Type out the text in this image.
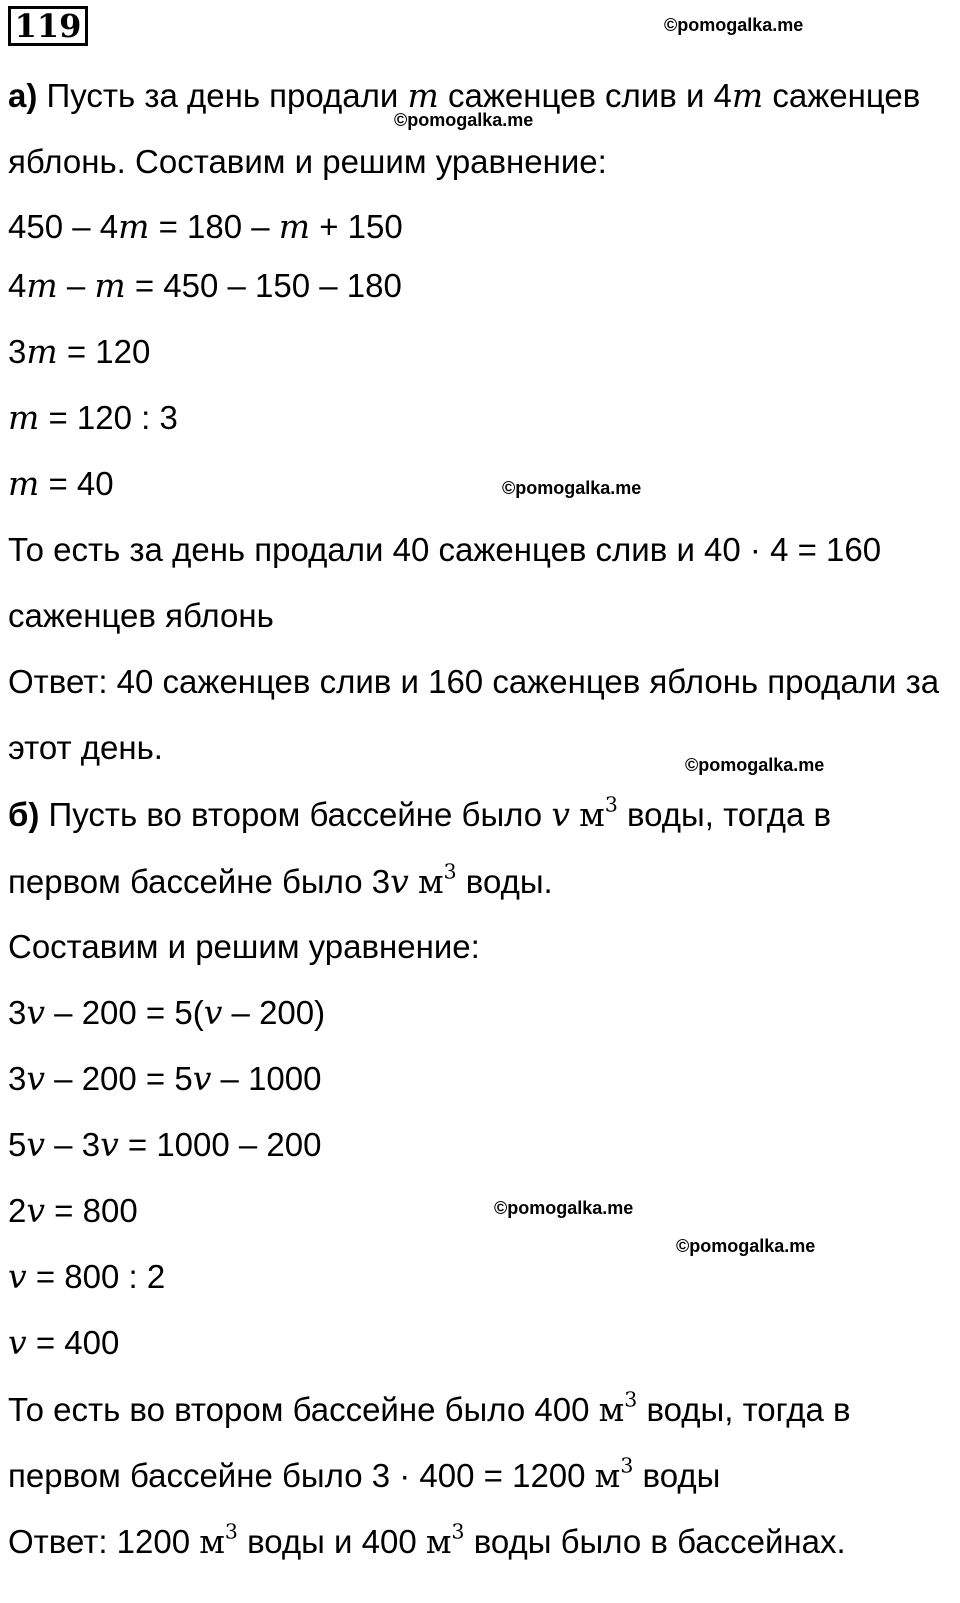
119	©pomogalka.me
а) Пусть за день продали m саженцев слив и 4m саженцев
©pomogalka.me
яблонь. Составим и решим уравнение:
450 – 4m = 180 – m + 150
4m – m = 450 – 150 – 180
3m = 120
m = 120 : 3
m = 40	©pomogalka.me
То есть за день продали 40 саженцев слив и 40 · 4 = 160
саженцев яблонь
Ответ: 40 саженцев слив и 160 саженцев яблонь продали за
этот день.	©pomogalka.me
б) Пусть во втором бассейне было v $м^3$ воды, тогда в
первом бассейне было 3v $м^3$ воды.
Составим и решим уравнение:
3v – 200 = 5(v – 200)
3v – 200 = 5v – 1000
5v – 3v = 1000 – 200
2v = 800	©pomogalka.me
©pomogalka.me
v = 800 : 2
v = 400
То есть во втором бассейне было 400 $м^3$ воды, тогда в
первом бассейне было 3 · 400 = 1200 $м^3$ воды
Ответ: 1200 $м^3$ воды и 400 $м^3$ воды было в бассейнах.
